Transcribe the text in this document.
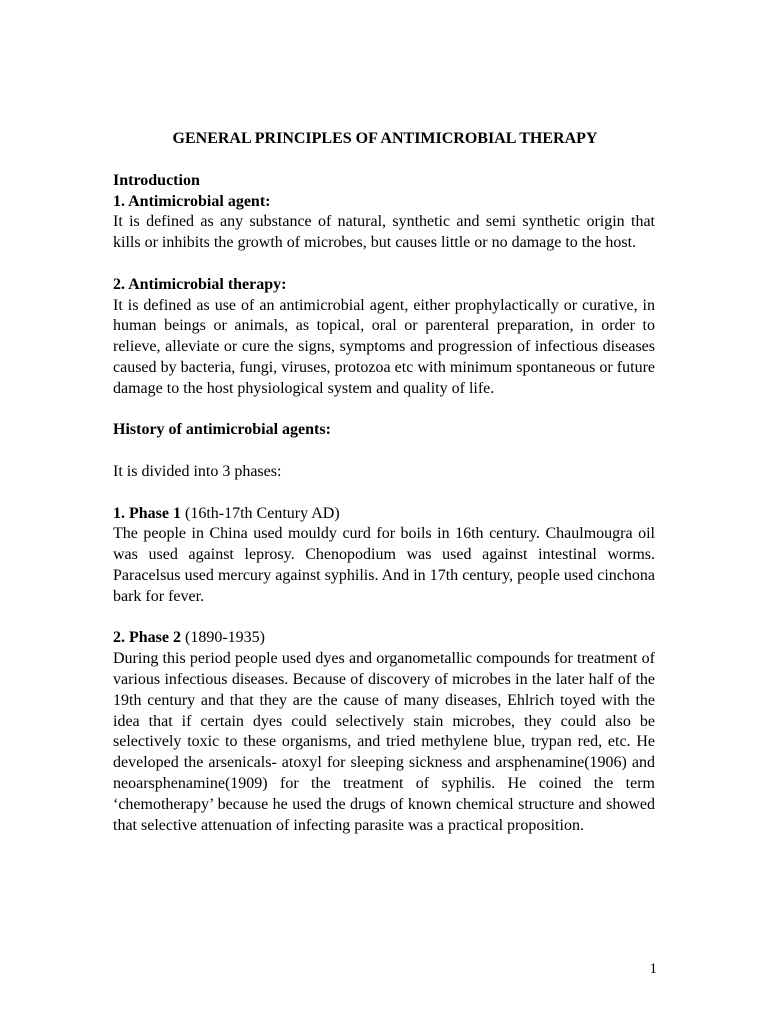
GENERAL PRINCIPLES OF ANTIMICROBIAL THERAPY
Introduction
1. Antimicrobial agent:

It is defined as any substance of natural, synthetic and semi synthetic origin that kills or inhibits the growth of microbes, but causes little or no damage to the host.

2. Antimicrobial therapy:

It is defined as use of an antimicrobial agent, either prophylactically or curative, in human beings or animals, as topical, oral or parenteral preparation, in order to relieve, alleviate or cure the signs, symptoms and progression of infectious diseases caused by bacteria, fungi, viruses, protozoa etc with minimum spontaneous or future damage to the host physiological system and quality of life.

History of antimicrobial agents:

It is divided into 3 phases:

1. Phase 1 (16th-17th Century AD)

The people in China used mouldy curd for boils in 16th century. Chaulmougra oil was used against leprosy. Chenopodium was used against intestinal worms. Paracelsus used mercury against syphilis. And in 17th century, people used cinchona bark for fever.

2. Phase 2 (1890-1935)

During this period people used dyes and organometallic compounds for treatment of various infectious diseases. Because of discovery of microbes in the later half of the 19th century and that they are the cause of many diseases, Ehlrich toyed with the idea that if certain dyes could selectively stain microbes, they could also be selectively toxic to these organisms, and tried methylene blue, trypan red, etc. He developed the arsenicals- atoxyl for sleeping sickness and arsphenamine(1906) and neoarsphenamine(1909) for the treatment of syphilis. He coined the term ‘chemotherapy’ because he used the drugs of known chemical structure and showed that selective attenuation of infecting parasite was a practical proposition.

1
